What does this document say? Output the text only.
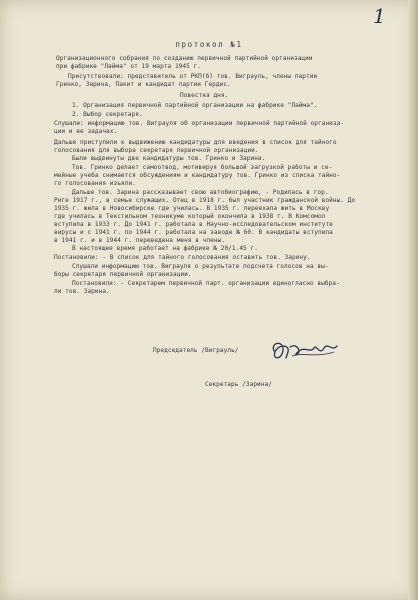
1
протокол №1
Организационного собрания по созданию первичной партийной организации
при фабрике "Лайма" от 19 марта 1945 г.
Присутствовали: представитель от РКП(б) тов. Виграуль, члены партии
Гринко, Зарина, Пакит и кандидат партии Гердис.
Повестка дня.
1. Организация первичной партийной организации на фабрике "Лайма".
2. Выбор секретаря.
Слушали: информацию тов. Виграуля об организации первичной партийной организа-
ции и ее задачах.
Дальше приступили к выдвижению кандидатуры для введения в список для тайного
голосования для выбора секретаря первичной организации.
Были выдвинуты две кандидатуры тов. Гринко и Зарина.
Тов. Гринко делает самоотвод, мотивируя большой загрузкой работы и се-
мейные учеба снимается обсуждениям и кандидатуру тов. Гринко из списка тайно-
го голосования изъяли.
Дальше тов. Зарина рассказывает свою автобиографию, - Родилась в гор.
Риге 1917 г., в семье служащих. Отец в 1918 г. был участник гражданской войны. До
1935 г. жила в Новосибирске где училась. В 1935 г. переехала жить в Москву
где училась в Текстильном техникуме который окончила в 1938 г. В Комсомол
вступила в 1933 г. До 1941 г. работала в Научно-исследовательском институте
вирусы и с 1941 г. по 1944 г. работала на заводе № 60. В кандидаты вступила
в 1941 г. и в 1944 г. переведена меня в члены.
В настоящее время работает на фабрике № 20/1.45 г.
Постановили: - В список для тайного голосования оставить тов. Зарину.
Слушали информацию тов. Виграуля о результате подсчета голосов на вы-
боры секретаря первичной организации.
Постановили: - Секретарем первичной парт. организации единогласно выбра-
ли тов. Зарина.
Председатель /Виграуль/
Секретарь /Зарина/
